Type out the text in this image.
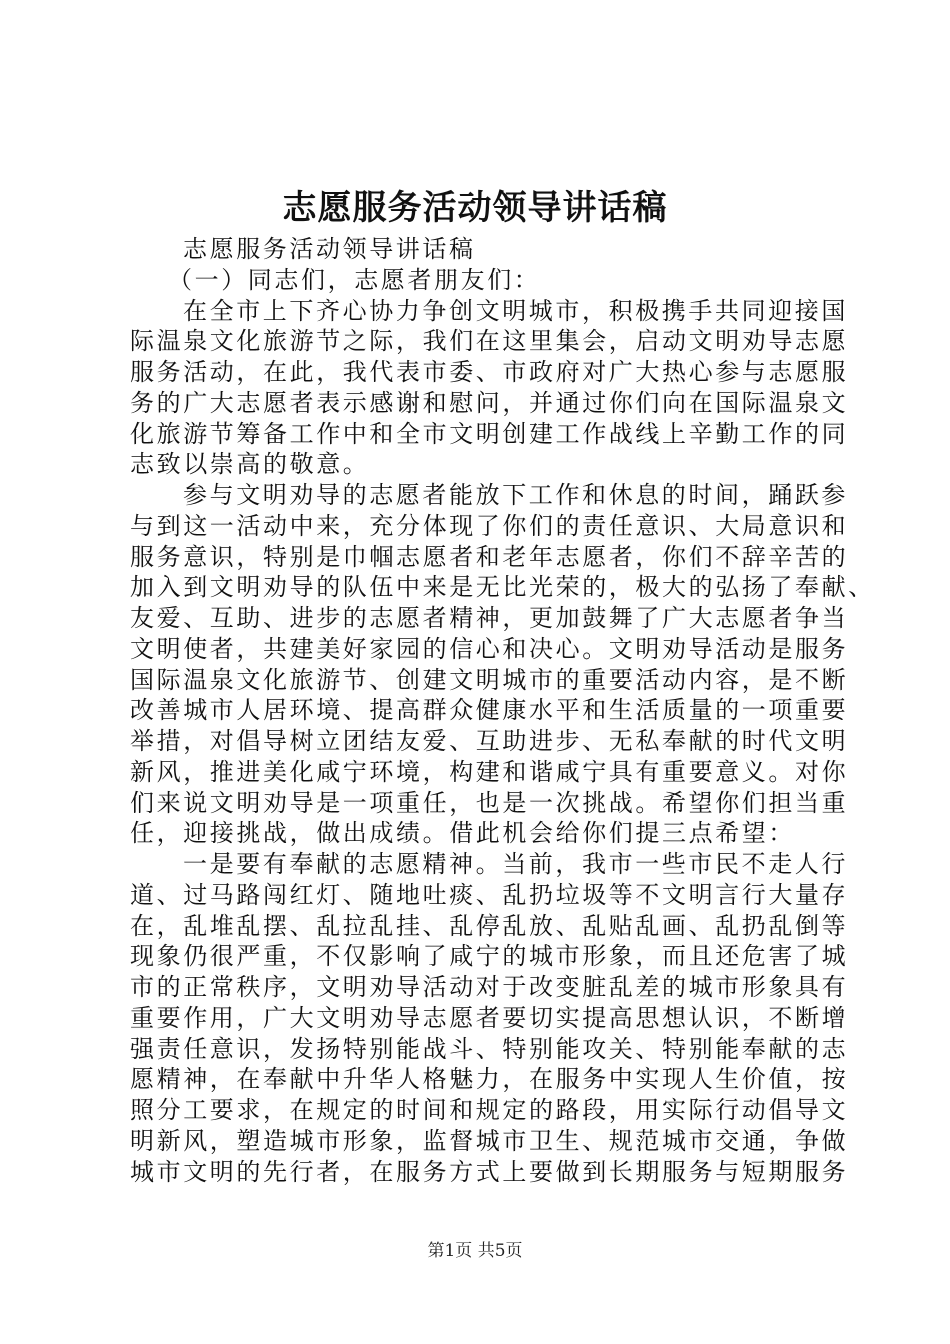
志愿服务活动领导讲话稿
志愿服务活动领导讲话稿
（一）同志们，志愿者朋友们：
在全市上下齐心协力争创文明城市，积极携手共同迎接国
际温泉文化旅游节之际，我们在这里集会，启动文明劝导志愿
服务活动，在此，我代表市委、市政府对广大热心参与志愿服
务的广大志愿者表示感谢和慰问，并通过你们向在国际温泉文
化旅游节筹备工作中和全市文明创建工作战线上辛勤工作的同
志致以崇高的敬意。
参与文明劝导的志愿者能放下工作和休息的时间，踊跃参
与到这一活动中来，充分体现了你们的责任意识、大局意识和
服务意识，特别是巾帼志愿者和老年志愿者，你们不辞辛苦的
加入到文明劝导的队伍中来是无比光荣的，极大的弘扬了奉献、
友爱、互助、进步的志愿者精神，更加鼓舞了广大志愿者争当
文明使者，共建美好家园的信心和决心。文明劝导活动是服务
国际温泉文化旅游节、创建文明城市的重要活动内容，是不断
改善城市人居环境、提高群众健康水平和生活质量的一项重要
举措，对倡导树立团结友爱、互助进步、无私奉献的时代文明
新风，推进美化咸宁环境，构建和谐咸宁具有重要意义。对你
们来说文明劝导是一项重任，也是一次挑战。希望你们担当重
任，迎接挑战，做出成绩。借此机会给你们提三点希望：
一是要有奉献的志愿精神。当前，我市一些市民不走人行
道、过马路闯红灯、随地吐痰、乱扔垃圾等不文明言行大量存
在，乱堆乱摆、乱拉乱挂、乱停乱放、乱贴乱画、乱扔乱倒等
现象仍很严重，不仅影响了咸宁的城市形象，而且还危害了城
市的正常秩序，文明劝导活动对于改变脏乱差的城市形象具有
重要作用，广大文明劝导志愿者要切实提高思想认识，不断增
强责任意识，发扬特别能战斗、特别能攻关、特别能奉献的志
愿精神，在奉献中升华人格魅力，在服务中实现人生价值，按
照分工要求，在规定的时间和规定的路段，用实际行动倡导文
明新风，塑造城市形象，监督城市卫生、规范城市交通，争做
城市文明的先行者，在服务方式上要做到长期服务与短期服务
第1页 共5页
